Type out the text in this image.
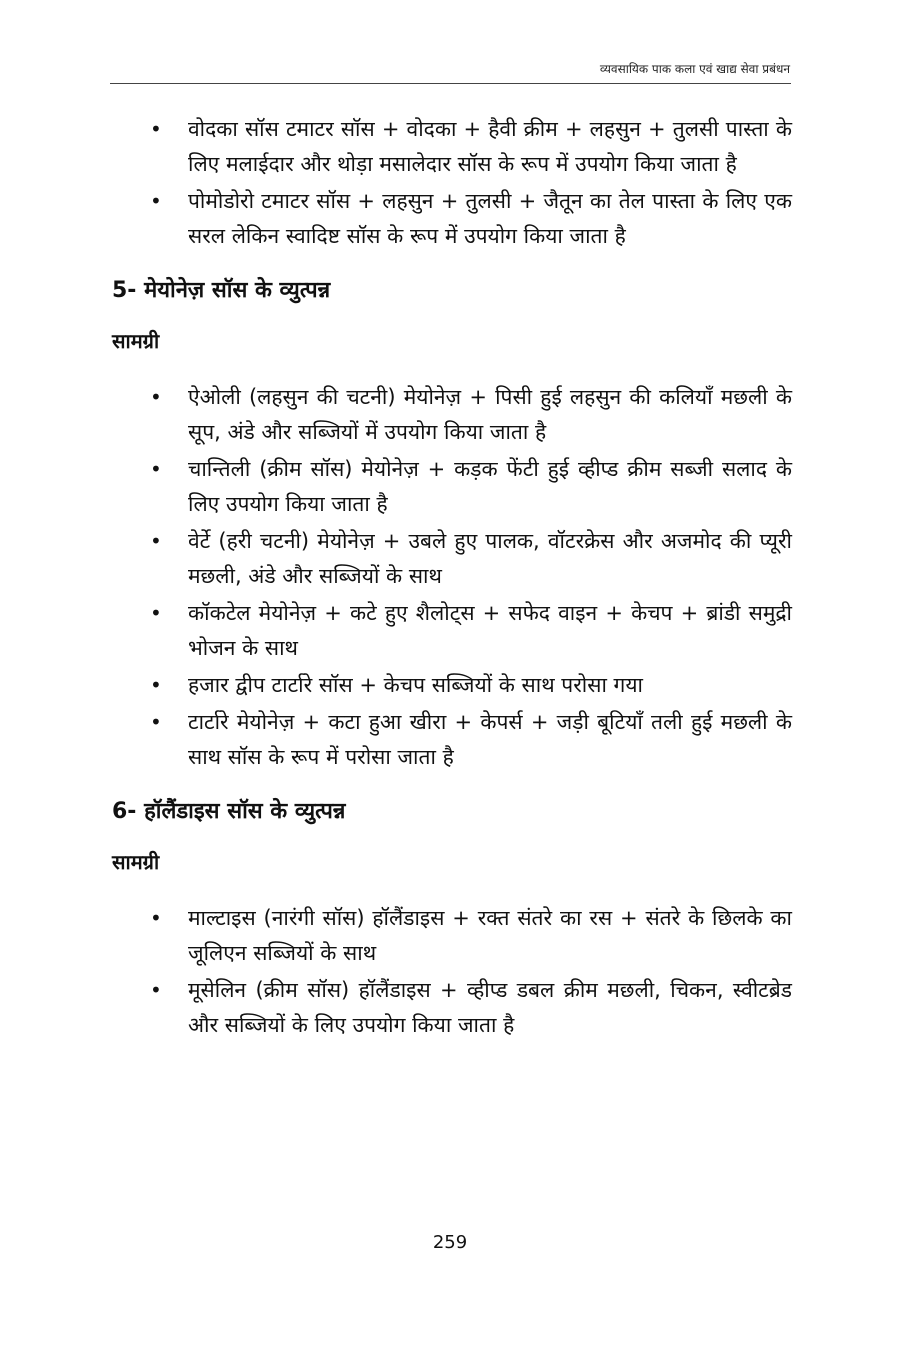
व्यवसायिक पाक कला एवं खाद्य सेवा प्रबंधन
• वोदका सॉस टमाटर सॉस + वोदका + हैवी क्रीम + लहसुन + तुलसी पास्ता के लिए मलाईदार और थोड़ा मसालेदार सॉस के रूप में उपयोग किया जाता है
• पोमोडोरो टमाटर सॉस + लहसुन + तुलसी + जैतून का तेल पास्ता के लिए एक सरल लेकिन स्वादिष्ट सॉस के रूप में उपयोग किया जाता है
5- मेयोनेज़ सॉस के व्युत्पन्न
सामग्री
• ऐओली (लहसुन की चटनी) मेयोनेज़ + पिसी हुई लहसुन की कलियाँ मछली के सूप, अंडे और सब्जियों में उपयोग किया जाता है
• चान्तिली (क्रीम सॉस) मेयोनेज़ + कड़क फेंटी हुई व्हीप्ड क्रीम सब्जी सलाद के लिए उपयोग किया जाता है
• वेर्टे (हरी चटनी) मेयोनेज़ + उबले हुए पालक, वॉटरक्रेस और अजमोद की प्यूरी मछली, अंडे और सब्जियों के साथ
• कॉकटेल मेयोनेज़ + कटे हुए शैलोट्स + सफेद वाइन + केचप + ब्रांडी समुद्री भोजन के साथ
• हजार द्वीप टार्टारे सॉस + केचप सब्जियों के साथ परोसा गया
• टार्टारे मेयोनेज़ + कटा हुआ खीरा + केपर्स + जड़ी बूटियाँ तली हुई मछली के साथ सॉस के रूप में परोसा जाता है
6- हॉलैंडाइस सॉस के व्युत्पन्न
सामग्री
• माल्टाइस (नारंगी सॉस) हॉलैंडाइस + रक्त संतरे का रस + संतरे के छिलके का जूलिएन सब्जियों के साथ
• मूसेलिन (क्रीम सॉस) हॉलैंडाइस + व्हीप्ड डबल क्रीम मछली, चिकन, स्वीटब्रेड और सब्जियों के लिए उपयोग किया जाता है
259
